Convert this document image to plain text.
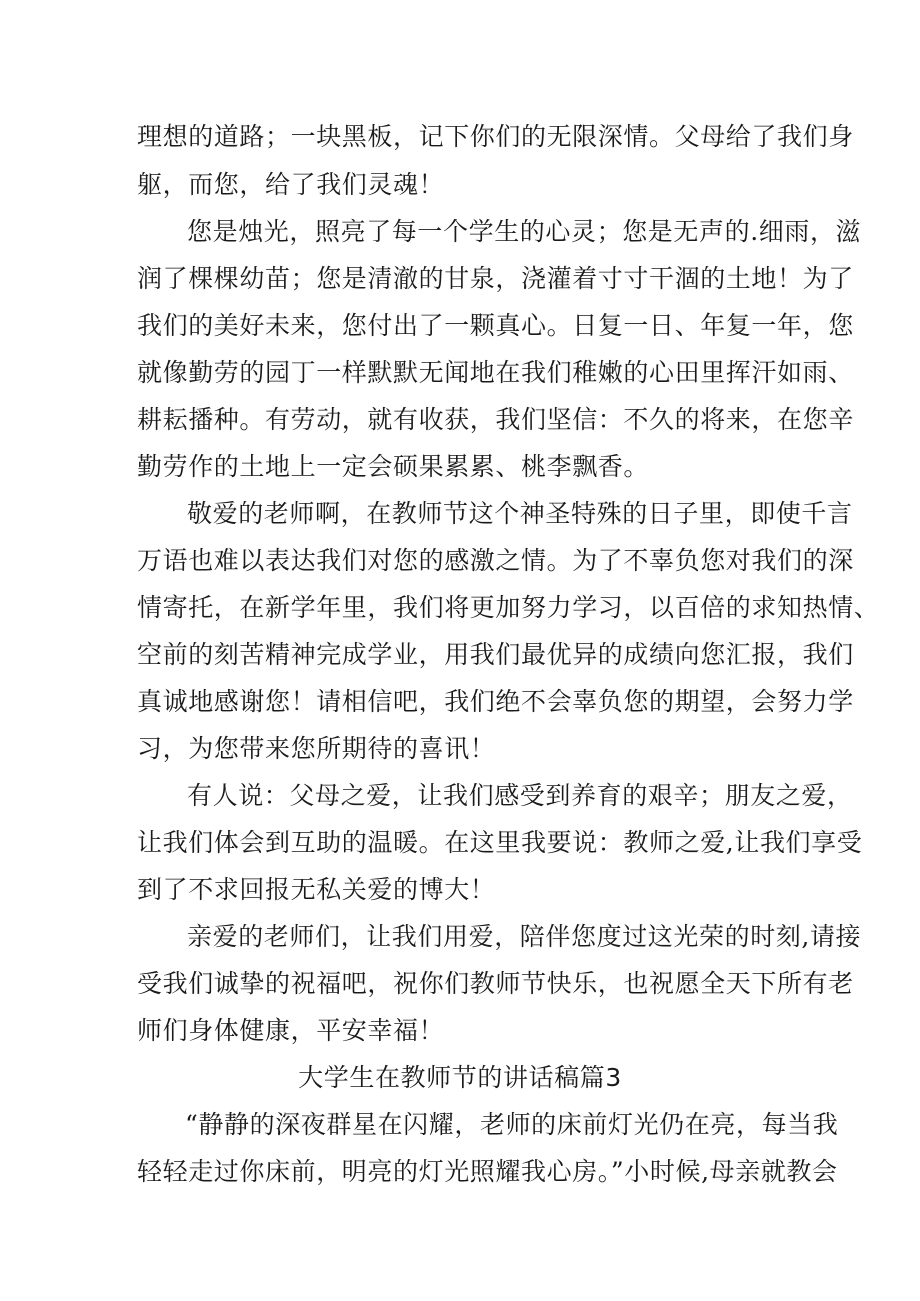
理想的道路；一块黑板，记下你们的无限深情。父母给了我们身
躯，而您，给了我们灵魂！
您是烛光，照亮了每一个学生的心灵；您是无声的.细雨，滋
润了棵棵幼苗；您是清澈的甘泉，浇灌着寸寸干涸的土地！为了
我们的美好未来，您付出了一颗真心。日复一日、年复一年，您
就像勤劳的园丁一样默默无闻地在我们稚嫩的心田里挥汗如雨、
耕耘播种。有劳动，就有收获，我们坚信：不久的将来，在您辛
勤劳作的土地上一定会硕果累累、桃李飘香。
敬爱的老师啊，在教师节这个神圣特殊的日子里，即使千言
万语也难以表达我们对您的感激之情。为了不辜负您对我们的深
情寄托，在新学年里，我们将更加努力学习，以百倍的求知热情、
空前的刻苦精神完成学业，用我们最优异的成绩向您汇报，我们
真诚地感谢您！请相信吧，我们绝不会辜负您的期望，会努力学
习，为您带来您所期待的喜讯！
有人说：父母之爱，让我们感受到养育的艰辛；朋友之爱，
让我们体会到互助的温暖。在这里我要说：教师之爱,让我们享受
到了不求回报无私关爱的博大！
亲爱的老师们，让我们用爱，陪伴您度过这光荣的时刻,请接
受我们诚挚的祝福吧，祝你们教师节快乐，也祝愿全天下所有老
师们身体健康，平安幸福！
大学生在教师节的讲话稿篇3
“静静的深夜群星在闪耀，老师的床前灯光仍在亮，每当我
轻轻走过你床前，明亮的灯光照耀我心房。”小时候,母亲就教会
